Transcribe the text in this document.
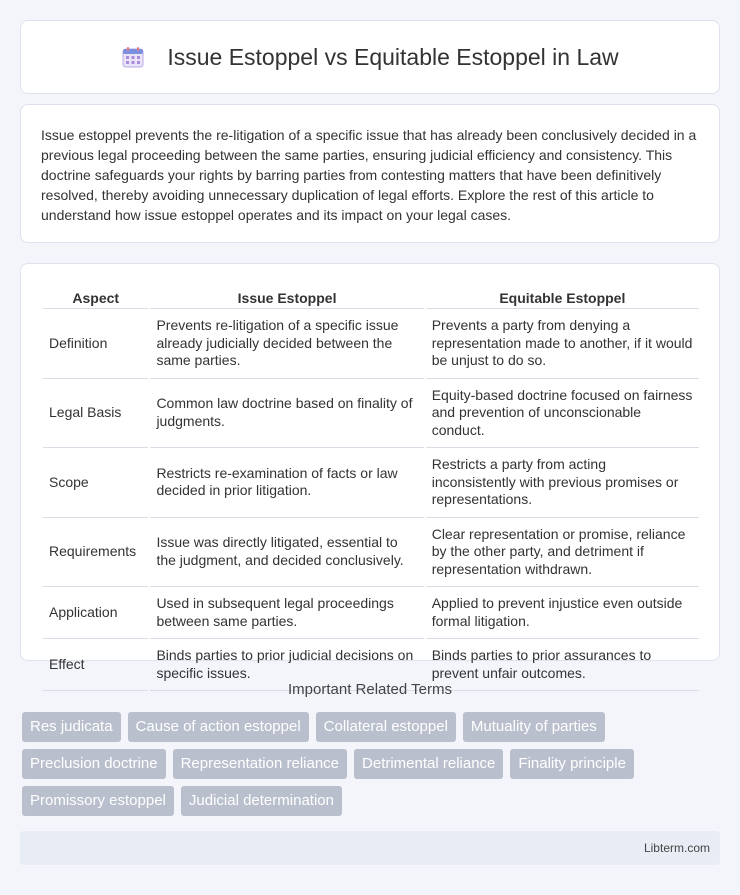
Issue Estoppel vs Equitable Estoppel in Law

Issue estoppel prevents the re-litigation of a specific issue that has already been conclusively decided in a previous legal proceeding between the same parties, ensuring judicial efficiency and consistency. This doctrine safeguards your rights by barring parties from contesting matters that have been definitively resolved, thereby avoiding unnecessary duplication of legal efforts. Explore the rest of this article to understand how issue estoppel operates and its impact on your legal cases.

Aspect	Issue Estoppel	Equitable Estoppel
Definition	Prevents re-litigation of a specific issue already judicially decided between the same parties.	Prevents a party from denying a representation made to another, if it would be unjust to do so.
Legal Basis	Common law doctrine based on finality of judgments.	Equity-based doctrine focused on fairness and prevention of unconscionable conduct.
Scope	Restricts re-examination of facts or law decided in prior litigation.	Restricts a party from acting inconsistently with previous promises or representations.
Requirements	Issue was directly litigated, essential to the judgment, and decided conclusively.	Clear representation or promise, reliance by the other party, and detriment if representation withdrawn.
Application	Used in subsequent legal proceedings between same parties.	Applied to prevent injustice even outside formal litigation.
Effect	Binds parties to prior judicial decisions on specific issues.	Binds parties to prior assurances to prevent unfair outcomes.
Important Related Terms
Res judicata	Cause of action estoppel	Collateral estoppel	Mutuality of parties
Preclusion doctrine	Representation reliance	Detrimental reliance	Finality principle
Promissory estoppel	Judicial determination
Libterm.com
